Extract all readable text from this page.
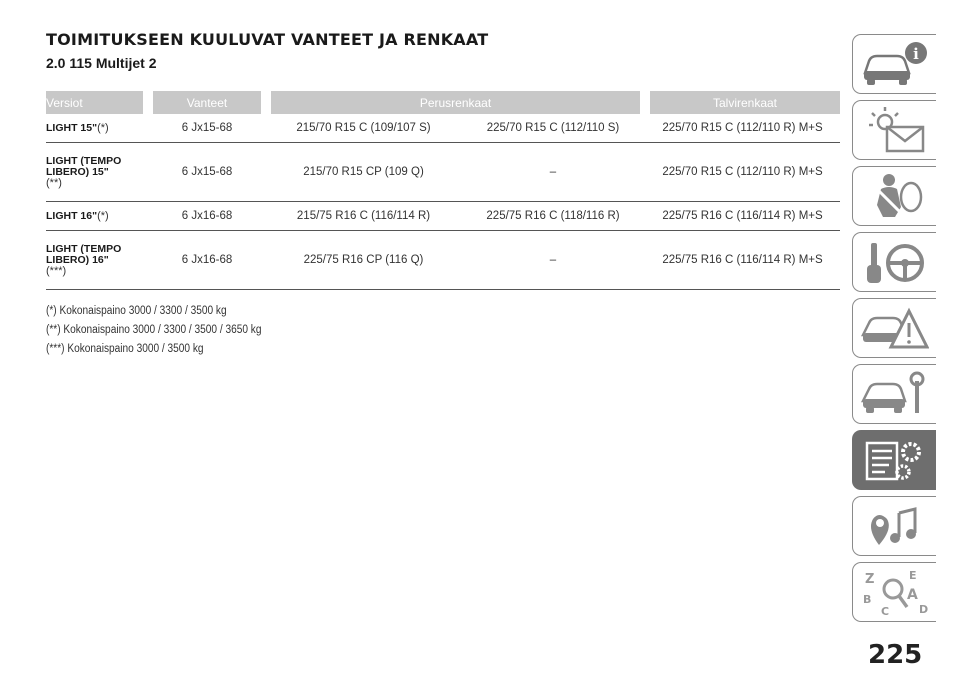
TOIMITUKSEEN KUULUVAT VANTEET JA RENKAAT
2.0 115 Multijet 2
Versiot	Vanteet	Perusrenkaat		Talvirenkaat
LIGHT 15"(*)	6 Jx15-68	215/70 R15 C (109/107 S)	225/70 R15 C (112/110 S)	225/70 R15 C (112/110 R) M+S
LIGHT (TEMPO LIBERO) 15"
(**)	6 Jx15-68	215/70 R15 CP (109 Q)	–	225/70 R15 C (112/110 R) M+S
LIGHT 16"(*)	6 Jx16-68	215/75 R16 C (116/114 R)	225/75 R16 C (118/116 R)	225/75 R16 C (116/114 R) M+S
LIGHT (TEMPO LIBERO) 16"
(***)	6 Jx16-68	225/75 R16 CP (116 Q)	–	225/75 R16 C (116/114 R) M+S
(*) Kokonaispaino 3000 / 3300 / 3500 kg
(**) Kokonaispaino 3000 / 3300 / 3500 / 3650 kg
(***) Kokonaispaino 3000 / 3500 kg
i
Z	E
B	A
D
C
225
